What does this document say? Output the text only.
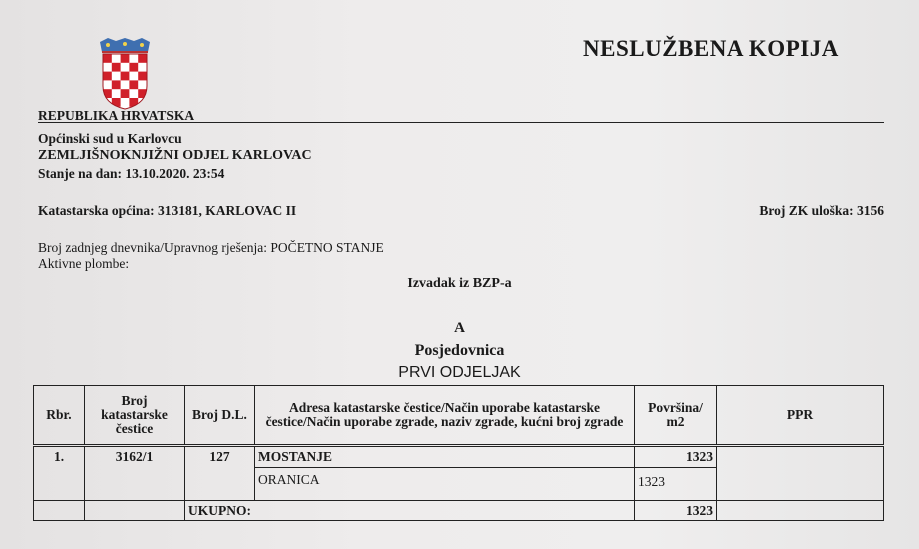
NESLUŽBENA KOPIJA
REPUBLIKA HRVATSKA
Općinski sud u Karlovcu
ZEMLJIŠNOKNJIŽNI ODJEL KARLOVAC
Stanje na dan: 13.10.2020. 23:54
Katastarska općina: 313181, KARLOVAC II	Broj ZK uloška: 3156
Broj zadnjeg dnevnika/Upravnog rješenja: POČETNO STANJE
Aktivne plombe:
Izvadak iz BZP-a
A
Posjedovnica
PRVI ODJELJAK
Rbr.	Broj katastarske čestice	Broj D.L.	Adresa katastarske čestice/Način uporabe katastarske čestice/Način uporabe zgrade, naziv zgrade, kućni broj zgrade	Površina/ m2	PPR
1.	3162/1	127	MOSTANJE	1323	
			ORANICA	1323	
		UKUPNO:		1323	
